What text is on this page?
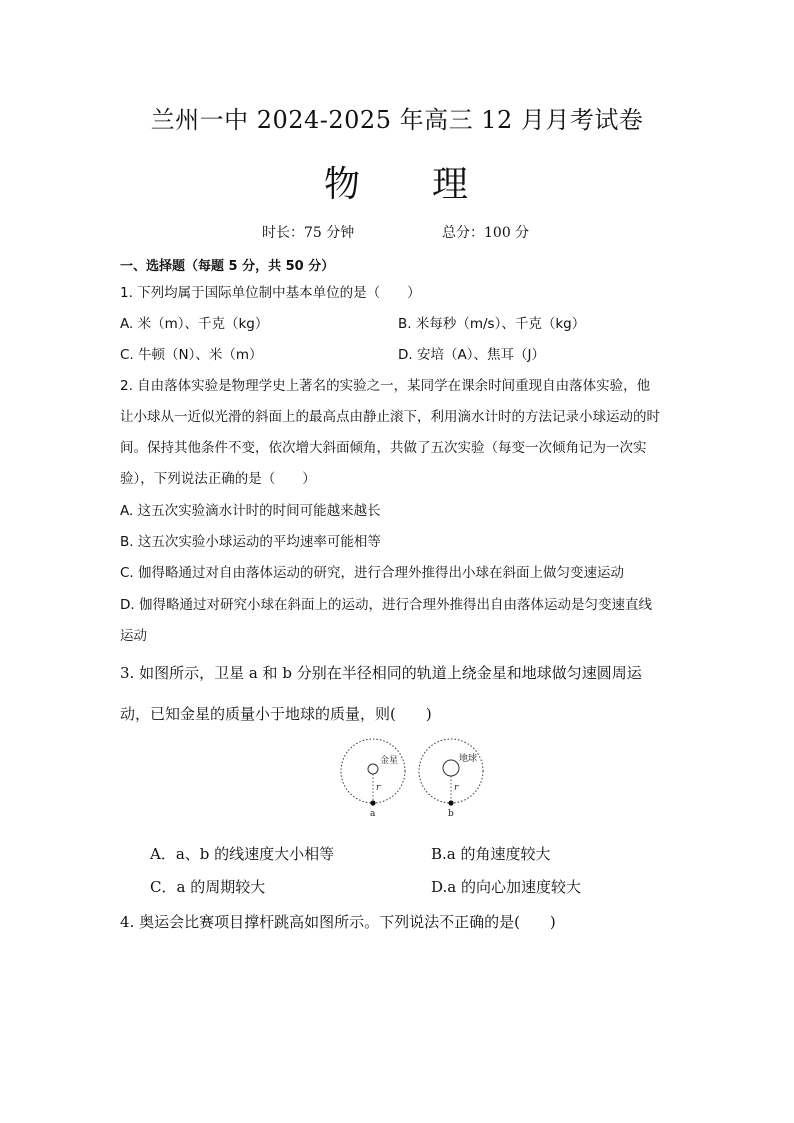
兰州一中 2024-2025 年高三 12 月月考试卷
物 理
时长：75 分钟	总分：100 分
一、选择题（每题 5 分，共 50 分）
1. 下列均属于国际单位制中基本单位的是（　　）
A. 米（m）、千克（kg）	B. 米每秒（m/s）、千克（kg）
C. 牛顿（N）、米（m）	D. 安培（A）、焦耳（J）
2. 自由落体实验是物理学史上著名的实验之一，某同学在课余时间重现自由落体实验，他
让小球从一近似光滑的斜面上的最高点由静止滚下，利用滴水计时的方法记录小球运动的时
间。保持其他条件不变，依次增大斜面倾角，共做了五次实验（每变一次倾角记为一次实
验），下列说法正确的是（　　）
A. 这五次实验滴水计时的时间可能越来越长
B. 这五次实验小球运动的平均速率可能相等
C. 伽得略通过对自由落体运动的研究，进行合理外推得出小球在斜面上做匀变速运动
D. 伽得略通过对研究小球在斜面上的运动，进行合理外推得出自由落体运动是匀变速直线
运动
3. 如图所示，卫星 a 和 b 分别在半径相同的轨道上绕金星和地球做匀速圆周运
动，已知金星的质量小于地球的质量，则(　　)
金星
r
a
地球
r
b
A．a、b 的线速度大小相等	B.a 的角速度较大
C．a 的周期较大	D.a 的向心加速度较大
4. 奥运会比赛项目撑杆跳高如图所示。下列说法不正确的是(　　)
